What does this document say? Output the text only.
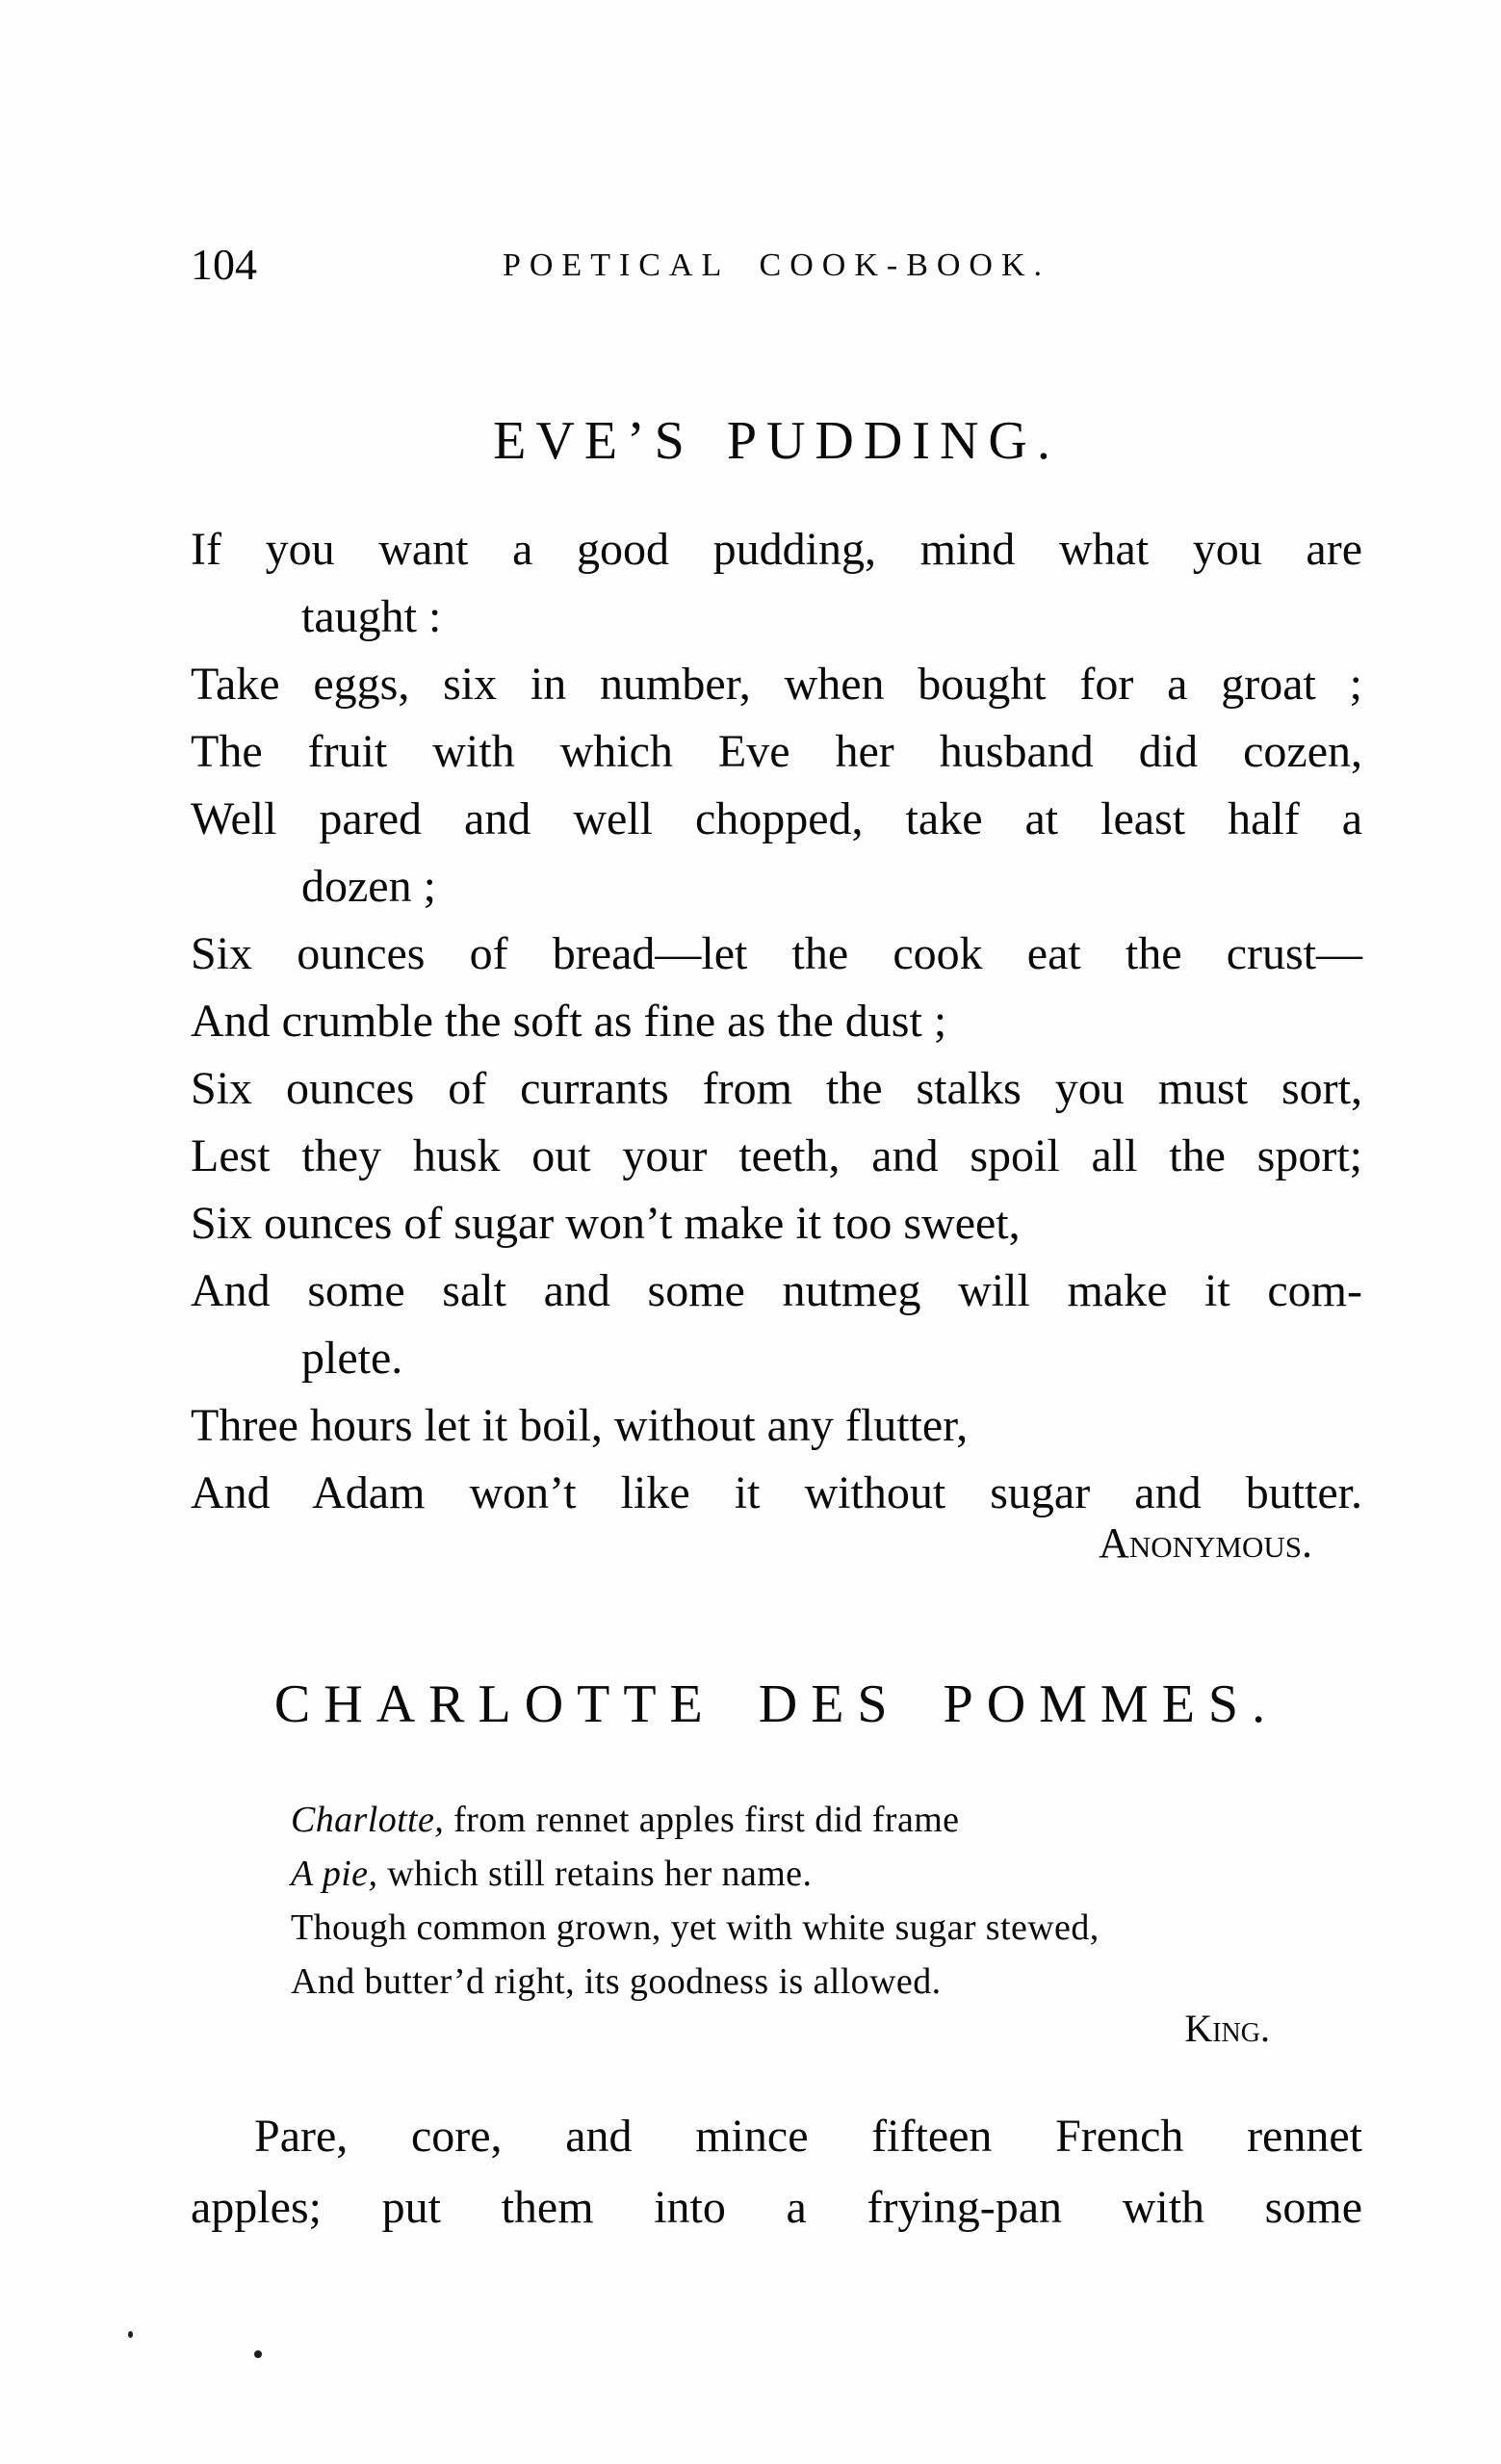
104	POETICAL COOK-BOOK.
EVE’S PUDDING.
If you want a good pudding, mind what you are
taught :
Take eggs, six in number, when bought for a groat ;
The fruit with which Eve her husband did cozen,
Well pared and well chopped, take at least half a
dozen ;
Six ounces of bread—let the cook eat the crust—
And crumble the soft as fine as the dust ;
Six ounces of currants from the stalks you must sort,
Lest they husk out your teeth, and spoil all the sport;
Six ounces of sugar won’t make it too sweet,
And some salt and some nutmeg will make it com-
plete.
Three hours let it boil, without any flutter,
And Adam won’t like it without sugar and butter.
Anonymous.
CHARLOTTE DES POMMES.
Charlotte, from rennet apples first did frame
A pie, which still retains her name.
Though common grown, yet with white sugar stewed,
And butter’d right, its goodness is allowed.
King.
Pare, core, and mince fifteen French rennet
apples; put them into a frying-pan with some
